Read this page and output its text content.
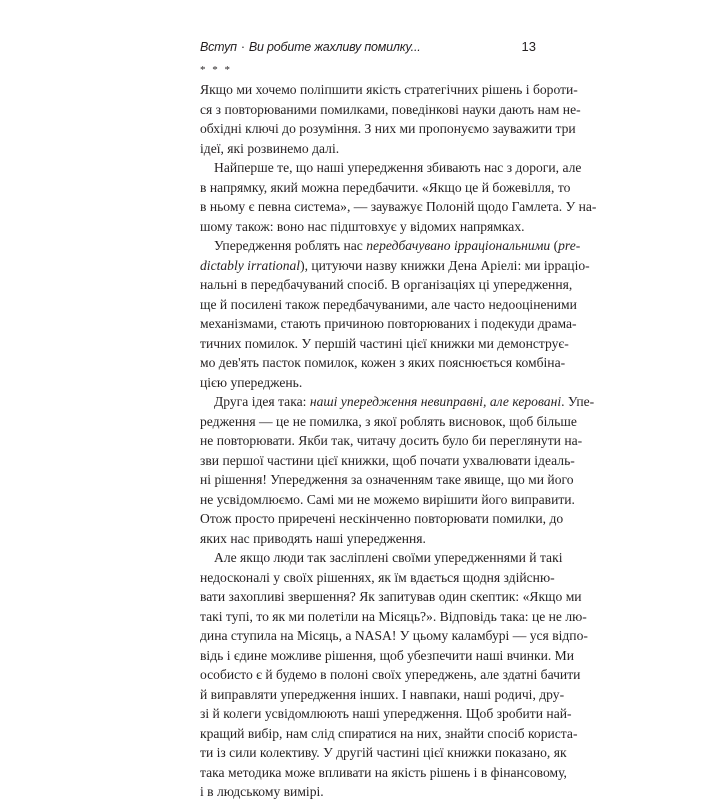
Вступ · Ви робите жахливу помилку...	13
* * *
Якщо ми хочемо поліпшити якість стратегічних рішень і бороти-
ся з повторюваними помилками, поведінкові науки дають нам не-
обхідні ключі до розуміння. З них ми пропонуємо зауважити три
ідеї, які розвинемо далі.
Найперше те, що наші упередження збивають нас з дороги, але
в напрямку, який можна передбачити. «Якщо це й божевілля, то
в ньому є певна система», — зауважує Полоній щодо Гамлета. У на-
шому також: воно нас підштовхує у відомих напрямках.
Упередження роблять нас передбачувано ірраціональними (pre-
dictably irrational), цитуючи назву книжки Дена Аріелі: ми ірраціо-
нальні в передбачуваний спосіб. В організаціях ці упередження,
ще й посилені також передбачуваними, але часто недооціненими
механізмами, стають причиною повторюваних і подекуди драма-
тичних помилок. У першій частині цієї книжки ми демонструє-
мо дев'ять пасток помилок, кожен з яких пояснюється комбіна-
цією упереджень.
Друга ідея така: наші упередження невиправні, але керовані. Упе-
редження — це не помилка, з якої роблять висновок, щоб більше
не повторювати. Якби так, читачу досить було би переглянути на-
зви першої частини цієї книжки, щоб почати ухвалювати ідеаль-
ні рішення! Упередження за означенням таке явище, що ми його
не усвідомлюємо. Самі ми не можемо вирішити його виправити.
Отож просто приречені нескінченно повторювати помилки, до
яких нас приводять наші упередження.
Але якщо люди так засліплені своїми упередженнями й такі
недосконалі у своїх рішеннях, як їм вдається щодня здійсню-
вати захопливі звершення? Як запитував один скептик: «Якщо ми
такі тупі, то як ми полетіли на Місяць?». Відповідь така: це не лю-
дина ступила на Місяць, а NASA! У цьому каламбурі — уся відпо-
відь і єдине можливе рішення, щоб убезпечити наші вчинки. Ми
особисто є й будемо в полоні своїх упереджень, але здатні бачити
й виправляти упередження інших. І навпаки, наші родичі, дру-
зі й колеги усвідомлюють наші упередження. Щоб зробити най-
кращий вибір, нам слід спиратися на них, знайти спосіб користа-
ти із сили колективу. У другій частині цієї книжки показано, як
така методика може впливати на якість рішень і в фінансовому,
і в людському вимірі.
